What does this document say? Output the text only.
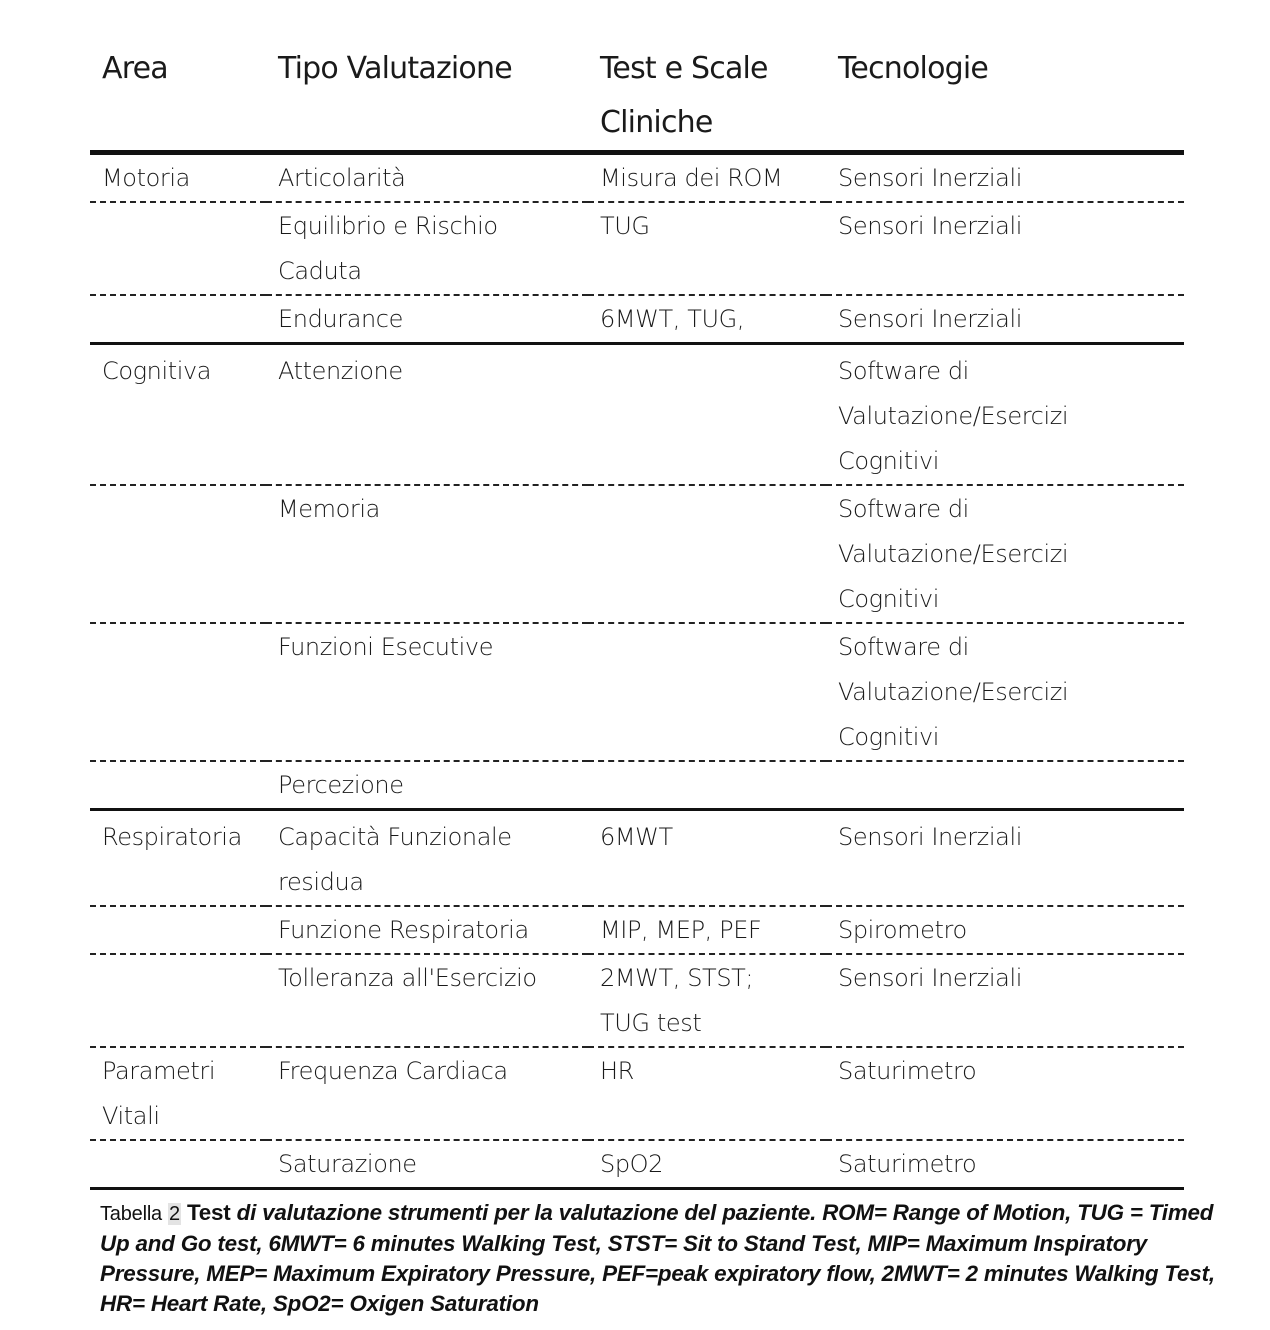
Area	Tipo Valutazione	Test e Scale Cliniche	Tecnologie
Motoria	Articolarità	Misura dei ROM	Sensori Inerziali
	Equilibrio e Rischio Caduta	TUG	Sensori Inerziali
	Endurance	6MWT, TUG,	Sensori Inerziali
Cognitiva	Attenzione		Software di Valutazione/Esercizi Cognitivi
	Memoria		Software di Valutazione/Esercizi Cognitivi
	Funzioni Esecutive		Software di Valutazione/Esercizi Cognitivi
	Percezione		
Respiratoria	Capacità Funzionale residua	6MWT	Sensori Inerziali
	Funzione Respiratoria	MIP, MEP, PEF	Spirometro
	Tolleranza all'Esercizio	2MWT, STST; TUG test	Sensori Inerziali
Parametri Vitali	Frequenza Cardiaca	HR	Saturimetro
	Saturazione	SpO2	Saturimetro

Tabella 2 Test di valutazione strumenti per la valutazione del paziente. ROM= Range of Motion, TUG = Timed Up and Go test, 6MWT= 6 minutes Walking Test, STST= Sit to Stand Test, MIP= Maximum Inspiratory Pressure, MEP= Maximum Expiratory Pressure, PEF=peak expiratory flow, 2MWT= 2 minutes Walking Test, HR= Heart Rate, SpO2= Oxigen Saturation
